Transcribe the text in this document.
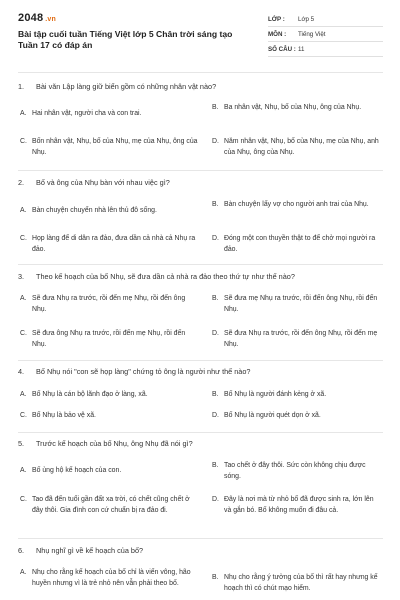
2048 .vn
Bài tập cuối tuần Tiếng Việt lớp 5 Chân trời sáng tạo Tuần 17 có đáp án
LỚP :	Lớp 5
MÔN :	Tiếng Việt
SỐ CÂU : 11
1.	Bài văn Lập làng giữ biển gồm có những nhân vật nào?
A. Hai nhân vật, người cha và con trai.
B. Ba nhân vật, Nhụ, bố của Nhụ, ông của Nhụ.
C. Bốn nhân vật, Nhụ, bố của Nhụ, mẹ của Nhụ, ông của Nhụ.
D. Năm nhân vật, Nhụ, bố của Nhụ, mẹ của Nhụ, anh của Nhụ, ông của Nhụ.
2.	Bố và ông của Nhụ bàn với nhau việc gì?
A. Bàn chuyện chuyển nhà lên thủ đô sống.
B. Bàn chuyện lấy vợ cho người anh trai của Nhụ.
C. Họp làng để di dân ra đảo, đưa dần cả nhà cả Nhụ ra đảo.
D. Đóng một con thuyền thật to để chở mọi người ra đảo.
3.	Theo kế hoạch của bố Nhụ, sẽ đưa dần cả nhà ra đảo theo thứ tự như thế nào?
A. Sẽ đưa Nhụ ra trước, rồi đến mẹ Nhụ, rồi đến ông Nhụ.
B. Sẽ đưa mẹ Nhụ ra trước, rồi đến ông Nhụ, rồi đến Nhụ.
C. Sẽ đưa ông Nhụ ra trước, rồi đến mẹ Nhụ, rồi đến Nhụ.
D. Sẽ đưa Nhụ ra trước, rồi đến ông Nhụ, rồi đến mẹ Nhụ.
4.	Bố Nhụ nói "con sẽ họp làng" chứng tỏ ông là người như thế nào?
A. Bố Nhụ là cán bộ lãnh đạo ở làng, xã.	B. Bố Nhụ là người đánh kẻng ở xã.
C. Bố Nhụ là bảo vệ xã.	D. Bố Nhụ là người quét dọn ở xã.
5.	Trước kế hoạch của bố Nhụ, ông Nhụ đã nói gì?
A. Bố ủng hộ kế hoạch của con.
B. Tao chết ở đây thôi. Sức còn không chịu được sóng.
C. Tao đã đến tuổi gần đất xa trời, có chết cũng chết ở đây thôi. Gia đình con cứ chuẩn bị ra đảo đi.
D. Đây là nơi mà từ nhỏ bố đã được sinh ra, lớn lên và gắn bó. Bố không muốn đi đâu cả.
6.	Nhụ nghĩ gì về kế hoạch của bố?
A. Nhụ cho rằng kế hoạch của bố chỉ là viển vông, hão huyền nhưng vì là trẻ nhỏ nên vẫn phải theo bố.
B. Nhụ cho rằng ý tưởng của bố thì rất hay nhưng kế hoạch thì có chút mạo hiểm.
